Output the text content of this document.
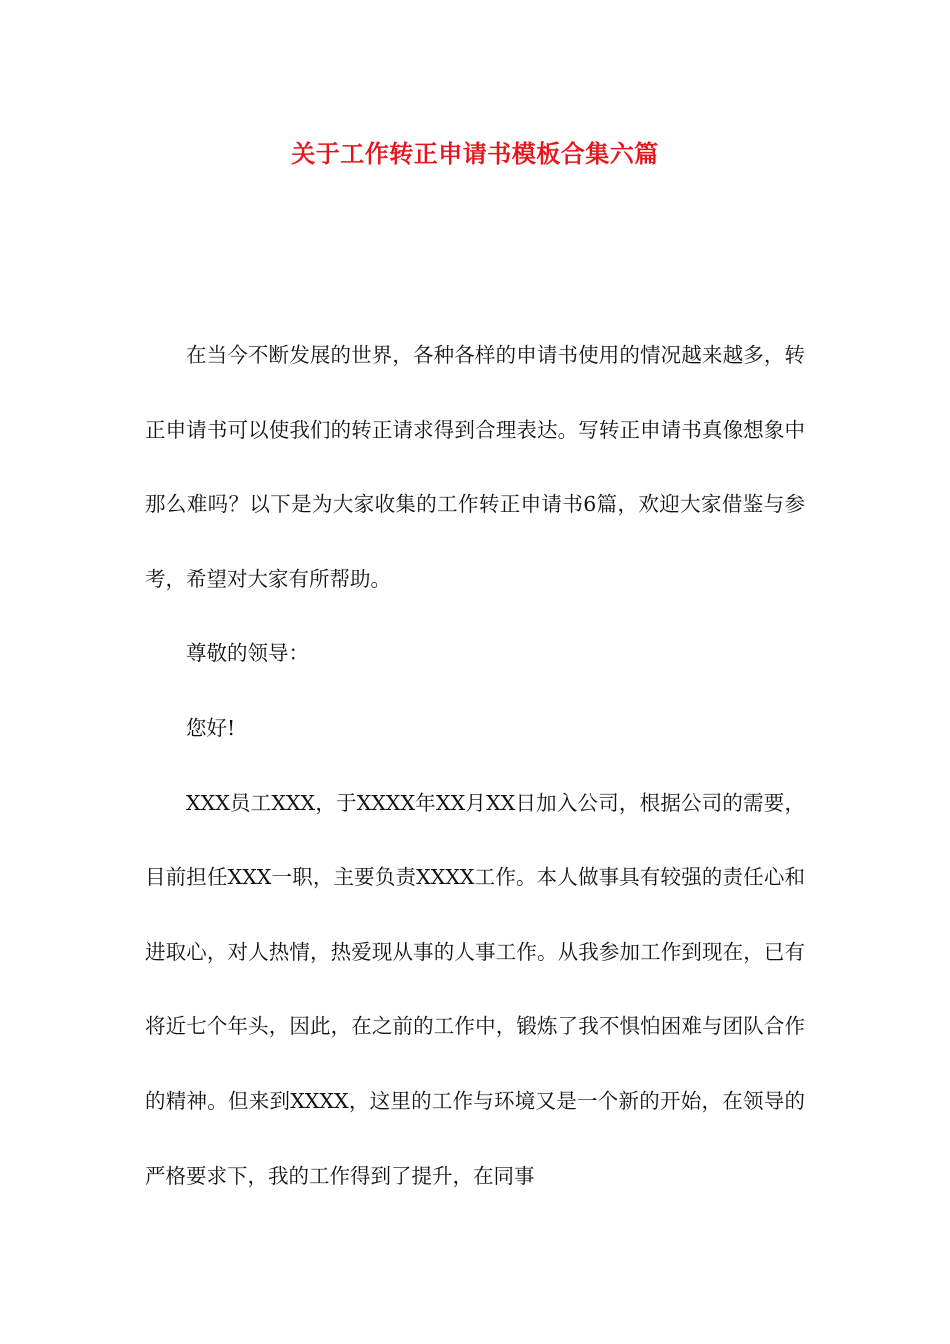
关于工作转正申请书模板合集六篇

在当今不断发展的世界，各种各样的申请书使用的情况越来越多，转正申请书可以使我们的转正请求得到合理表达。写转正申请书真像想象中那么难吗？以下是为大家收集的工作转正申请书6篇，欢迎大家借鉴与参考，希望对大家有所帮助。

尊敬的领导：

您好!

XXX员工XXX，于XXXX年XX月XX日加入公司，根据公司的需要，目前担任XXX一职，主要负责XXXX工作。本人做事具有较强的责任心和进取心，对人热情，热爱现从事的人事工作。从我参加工作到现在，已有将近七个年头，因此，在之前的工作中，锻炼了我不惧怕困难与团队合作的精神。但来到XXXX，这里的工作与环境又是一个新的开始，在领导的严格要求下，我的工作得到了提升，在同事
